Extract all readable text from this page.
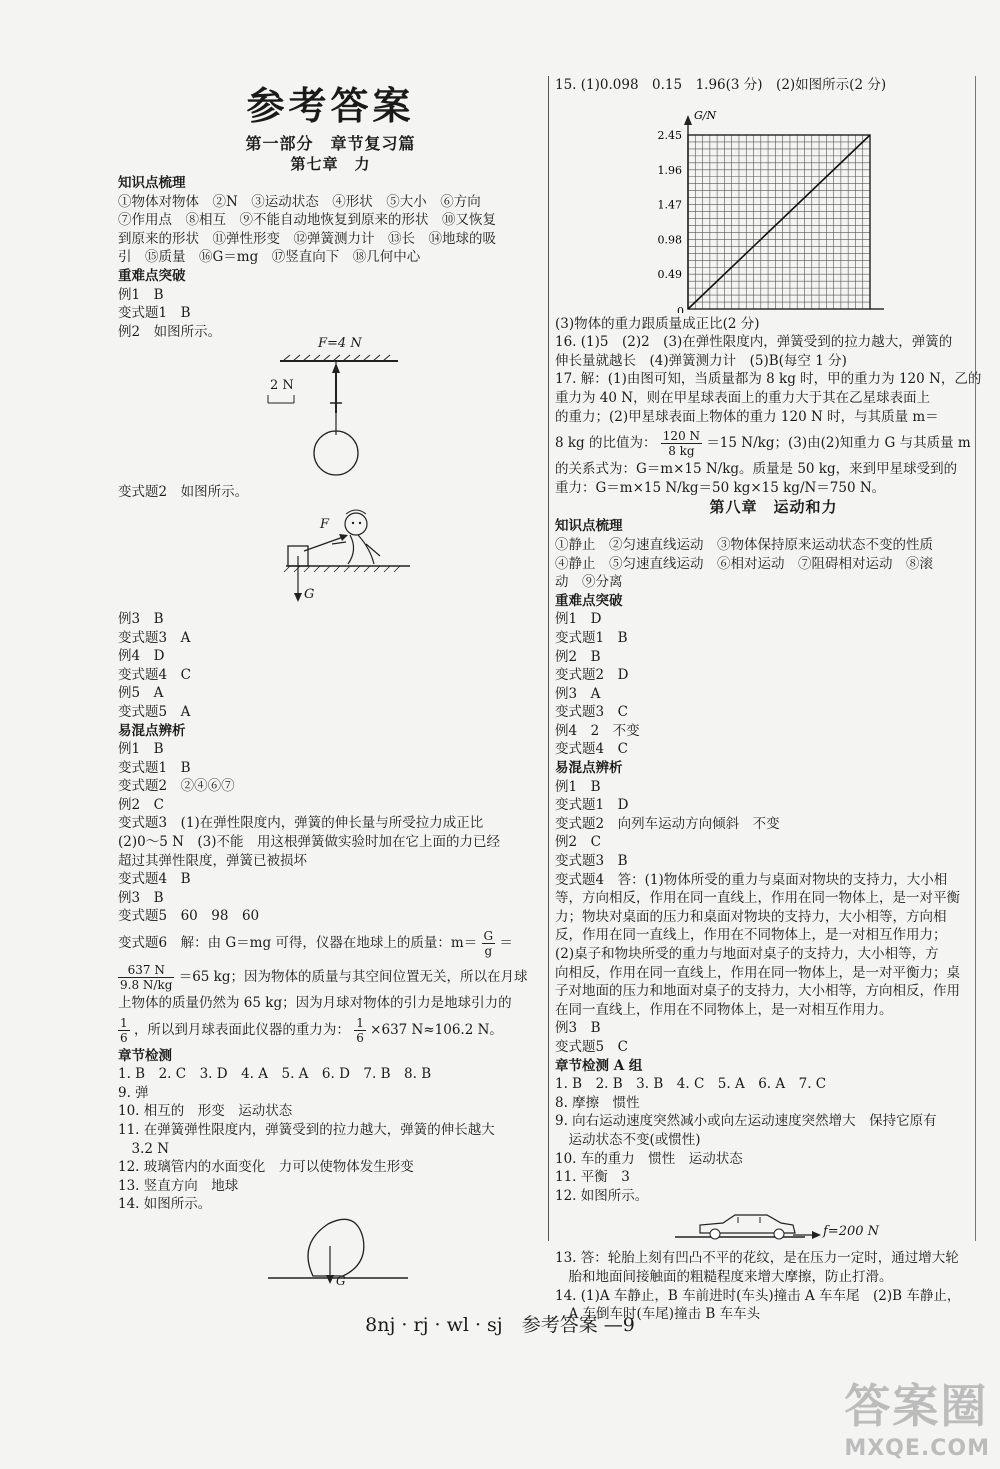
参考答案
第一部分　章节复习篇
第七章　力
知识点梳理
①物体对物体　②N　③运动状态　④形状　⑤大小　⑥方向
⑦作用点　⑧相互　⑨不能自动地恢复到原来的形状　⑩又恢复
到原来的形状　⑪弹性形变　⑫弹簧测力计　⑬长　⑭地球的吸
引　⑮质量　⑯G＝mg　⑰竖直向下　⑱几何中心
重难点突破
例1　B
变式题1　B
例2　如图所示。
F=4 N
2 N
变式题2　如图所示。
F
G
例3　B
变式题3　A
例4　D
变式题4　C
例5　A
变式题5　A
易混点辨析
例1　B
变式题1　B
变式题2　②④⑥⑦
例2　C
变式题3　(1)在弹性限度内，弹簧的伸长量与所受拉力成正比
(2)0～5 N　(3)不能　用这根弹簧做实验时加在它上面的力已经
超过其弹性限度，弹簧已被损坏
变式题4　B
例3　B
变式题5　60　98　60
变式题6　解：由 G＝mg 可得，仪器在地球上的质量：$m= \frac{G}{g}$ ＝
$\frac{637 N}{9.8 N/kg} =65$ kg；因为物体的质量与其空间位置无关，所以在月球
上物体的质量仍然为 65 kg；因为月球对物体的引力是地球引力的
$\frac{1}{6}$ ，所以到月球表面此仪器的重力为： $\frac{1}{6} \times 637$ N≈106.2 N。
章节检测
1. B　2. C　3. D　4. A　5. A　6. D　7. B　8. B
9. 弹
10. 相互的　形变　运动状态
11. 在弹簧弹性限度内，弹簧受到的拉力越大，弹簧的伸长越大
　3.2 N
12. 玻璃管内的水面变化　力可以使物体发生形变
13. 竖直方向　地球
14. 如图所示。
G
15. (1)0.098　0.15　1.96(3 分)　(2)如图所示(2 分)
0.49
0.98
1.47
1.96
2.45
0
G/N
(3)物体的重力跟质量成正比(2 分)
16. (1)5　(2)2　(3)在弹性限度内，弹簧受到的拉力越大，弹簧的
伸长量就越长　(4)弹簧测力计　(5)B(每空 1 分)
17. 解：(1)由图可知，当质量都为 8 kg 时，甲的重力为 120 N，乙的
重力为 40 N，则在甲星球表面上的重力大于其在乙星球表面上
的重力；(2)甲星球表面上物体的重力 120 N 时，与其质量 m＝
8 kg 的比值为： $\frac{120 N}{8 kg} =15$ N/kg；(3)由(2)知重力 G 与其质量 m
的关系式为：G＝m×15 N/kg。质量是 50 kg，来到甲星球受到的
重力：G＝m×15 N/kg＝50 kg×15 kg/N＝750 N。
第八章　运动和力
知识点梳理
①静止　②匀速直线运动　③物体保持原来运动状态不变的性质
④静止　⑤匀速直线运动　⑥相对运动　⑦阻碍相对运动　⑧滚
动　⑨分离
重难点突破
例1　D
变式题1　B
例2　B
变式题2　D
例3　A
变式题3　C
例4　2　不变
变式题4　C
易混点辨析
例1　B
变式题1　D
变式题2　向列车运动方向倾斜　不变
例2　C
变式题3　B
变式题4　答：(1)物体所受的重力与桌面对物块的支持力，大小相
等，方向相反，作用在同一直线上，作用在同一物体上，是一对平衡
力；物块对桌面的压力和桌面对物块的支持力，大小相等，方向相
反，作用在同一直线上，作用在不同物体上，是一对相互作用力；
(2)桌子和物块所受的重力与地面对桌子的支持力，大小相等，方
向相反，作用在同一直线上，作用在同一物体上，是一对平衡力；桌
子对地面的压力和地面对桌子的支持力，大小相等，方向相反，作用
在同一直线上，作用在不同物体上，是一对相互作用力。
例3　B
变式题5　C
章节检测 A 组
1. B　2. B　3. B　4. C　5. A　6. A　7. C
8. 摩擦　惯性
9. 向右运动速度突然减小或向左运动速度突然增大　保持它原有
　运动状态不变(或惯性)
10. 车的重力　惯性　运动状态
11. 平衡　3
12. 如图所示。
f=200 N
13. 答：轮胎上刻有凹凸不平的花纹，是在压力一定时，通过增大轮
　胎和地面间接触面的粗糙程度来增大摩擦，防止打滑。
14. (1)A 车静止，B 车前进时(车头)撞击 A 车车尾　(2)B 车静止，
　A 车倒车时(车尾)撞击 B 车车头
8nj · rj · wl · sj　参考答案 —9
答案圈
MXQE.COM
